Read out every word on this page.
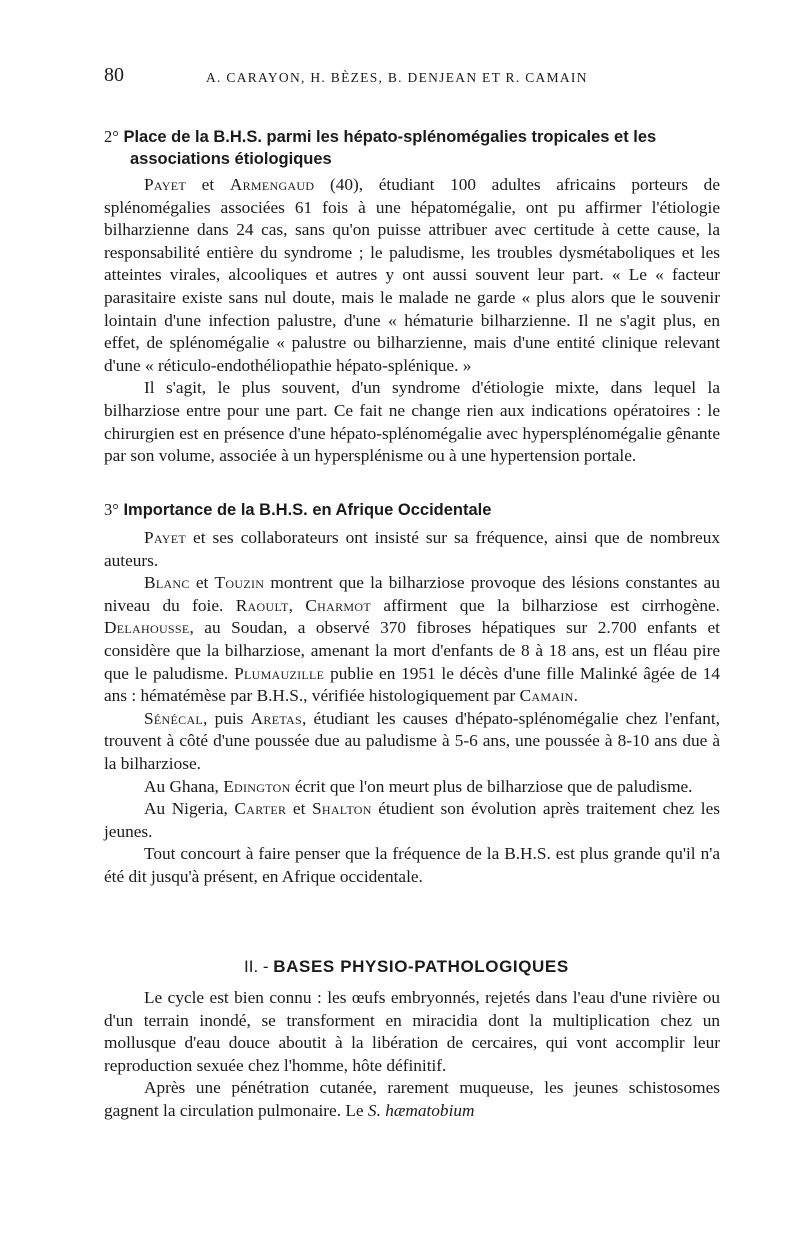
80	A. CARAYON, H. BÈZES, B. DENJEAN ET R. CAMAIN
2° Place de la B.H.S. parmi les hépato-splénomégalies tropicales et les
associations étiologiques

Payet et Armengaud (40), étudiant 100 adultes africains porteurs de splénomégalies associées 61 fois à une hépatomégalie, ont pu affirmer l'étiologie bilharzienne dans 24 cas, sans qu'on puisse attribuer avec certitude à cette cause, la responsabilité entière du syndrome ; le paludisme, les troubles dysmétaboliques et les atteintes virales, alcooliques et autres y ont aussi souvent leur part. « Le « facteur parasitaire existe sans nul doute, mais le malade ne garde « plus alors que le souvenir lointain d'une infection palustre, d'une « hématurie bilharzienne. Il ne s'agit plus, en effet, de splénomégalie « palustre ou bilharzienne, mais d'une entité clinique relevant d'une « réticulo-endothéliopathie hépato-splénique. »

Il s'agit, le plus souvent, d'un syndrome d'étiologie mixte, dans lequel la bilharziose entre pour une part. Ce fait ne change rien aux indications opératoires : le chirurgien est en présence d'une hépato-splénomégalie avec hypersplénomégalie gênante par son volume, associée à un hypersplénisme ou à une hypertension portale.

3° Importance de la B.H.S. en Afrique Occidentale

Payet et ses collaborateurs ont insisté sur sa fréquence, ainsi que de nombreux auteurs.

Blanc et Touzin montrent que la bilharziose provoque des lésions constantes au niveau du foie. Raoult, Charmot affirment que la bilharziose est cirrhogène. Delahousse, au Soudan, a observé 370 fibroses hépatiques sur 2.700 enfants et considère que la bilharziose, amenant la mort d'enfants de 8 à 18 ans, est un fléau pire que le paludisme. Plumauzille publie en 1951 le décès d'une fille Malinké âgée de 14 ans : hématémèse par B.H.S., vérifiée histologiquement par Camain.

Sénécal, puis Aretas, étudiant les causes d'hépato-splénomégalie chez l'enfant, trouvent à côté d'une poussée due au paludisme à 5-6 ans, une poussée à 8-10 ans due à la bilharziose.

Au Ghana, Edington écrit que l'on meurt plus de bilharziose que de paludisme.

Au Nigeria, Carter et Shalton étudient son évolution après traitement chez les jeunes.

Tout concourt à faire penser que la fréquence de la B.H.S. est plus grande qu'il n'a été dit jusqu'à présent, en Afrique occidentale.

II. - BASES PHYSIO-PATHOLOGIQUES

Le cycle est bien connu : les œufs embryonnés, rejetés dans l'eau d'une rivière ou d'un terrain inondé, se transforment en miracidia dont la multiplication chez un mollusque d'eau douce aboutit à la libération de cercaires, qui vont accomplir leur reproduction sexuée chez l'homme, hôte définitif.

Après une pénétration cutanée, rarement muqueuse, les jeunes schistosomes gagnent la circulation pulmonaire. Le S. hæmatobium
